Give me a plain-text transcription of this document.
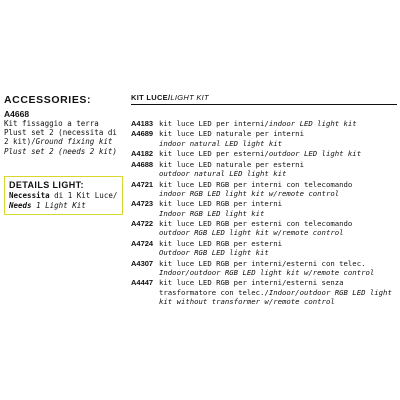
ACCESSORIES:
A4668
Kit fissaggio a terra Plust set 2 (necessita di 2 kit)/Ground fixing kit Plust set 2 (needs 2 kit)
DETAILS LIGHT:
Necessita di 1 Kit Luce/ Needs 1 Light Kit
KIT LUCE/LIGHT KIT
A4183 kit luce LED per interni/indoor LED light kit
A4689 kit luce LED naturale per interni
indoor natural LED light kit
A4182 kit luce LED per esterni/outdoor LED light kit
A4688 kit luce LED naturale per esterni
outdoor natural LED light kit
A4721 kit luce LED RGB per interni con telecomando
indoor RGB LED light kit w/remote control
A4723 kit luce LED RGB per interni
Indoor RGB LED light kit
A4722 kit luce LED RGB per esterni con telecomando
outdoor RGB LED light kit w/remote control
A4724 kit luce LED RGB per esterni
Outdoor RGB LED light kit
A4307 kit luce LED RGB per interni/esterni con telec.
Indoor/outdoor RGB LED light kit w/remote control
A4447 kit luce LED RGB per interni/esterni senza trasformatore con telec./Indoor/outdoor RGB LED light kit without transformer w/remote control
